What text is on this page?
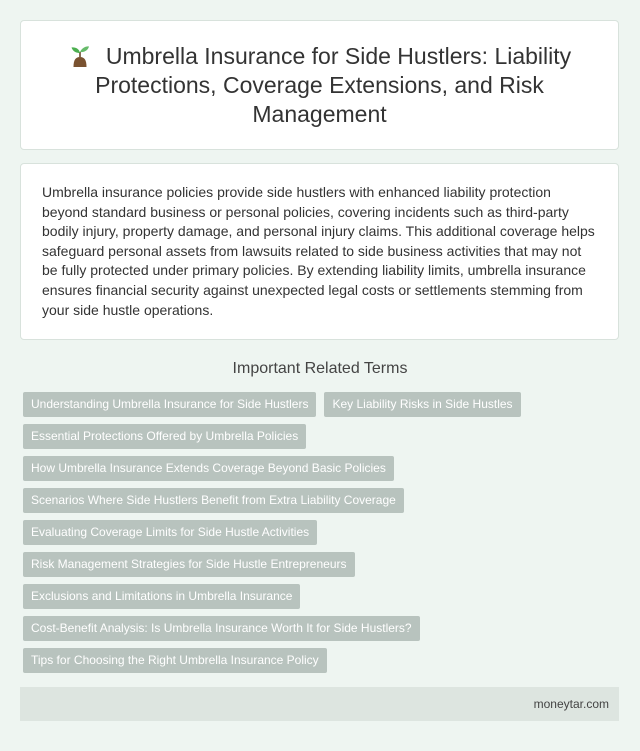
Umbrella Insurance for Side Hustlers: Liability Protections, Coverage Extensions, and Risk Management

Umbrella insurance policies provide side hustlers with enhanced liability protection beyond standard business or personal policies, covering incidents such as third-party bodily injury, property damage, and personal injury claims. This additional coverage helps safeguard personal assets from lawsuits related to side business activities that may not be fully protected under primary policies. By extending liability limits, umbrella insurance ensures financial security against unexpected legal costs or settlements stemming from your side hustle operations.

Important Related Terms
Understanding Umbrella Insurance for Side Hustlers	Key Liability Risks in Side Hustles
Essential Protections Offered by Umbrella Policies
How Umbrella Insurance Extends Coverage Beyond Basic Policies
Scenarios Where Side Hustlers Benefit from Extra Liability Coverage
Evaluating Coverage Limits for Side Hustle Activities
Risk Management Strategies for Side Hustle Entrepreneurs
Exclusions and Limitations in Umbrella Insurance
Cost-Benefit Analysis: Is Umbrella Insurance Worth It for Side Hustlers?
Tips for Choosing the Right Umbrella Insurance Policy
moneytar.com
